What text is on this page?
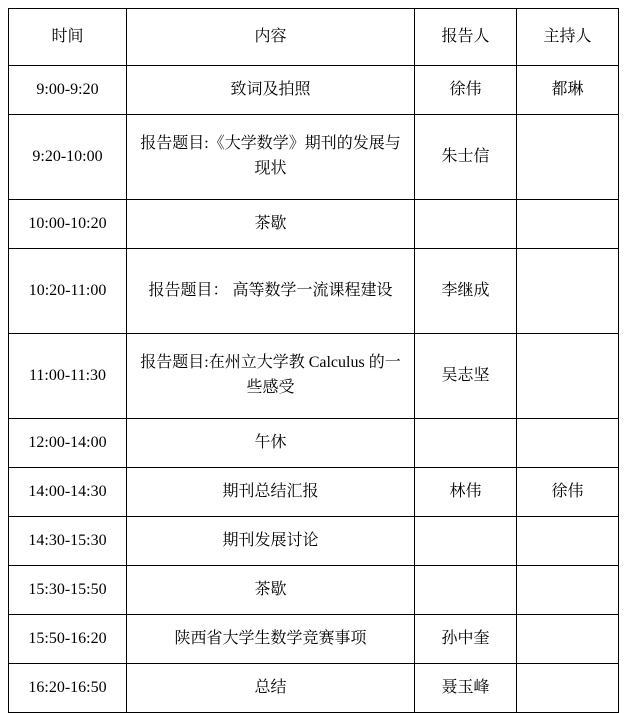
时间	内容	报告人	主持人
9:00-9:20	致词及拍照	徐伟	都琳
9:20-10:00	报告题目:《大学数学》期刊的发展与现状	朱士信	
10:00-10:20	茶歇		
10:20-11:00	报告题目： 高等数学一流课程建设	李继成	
11:00-11:30	报告题目:在州立大学教 Calculus 的一些感受	吴志坚	
12:00-14:00	午休		
14:00-14:30	期刊总结汇报	林伟	徐伟
14:30-15:30	期刊发展讨论		
15:30-15:50	茶歇		
15:50-16:20	陕西省大学生数学竞赛事项	孙中奎	
16:20-16:50	总结	聂玉峰	
